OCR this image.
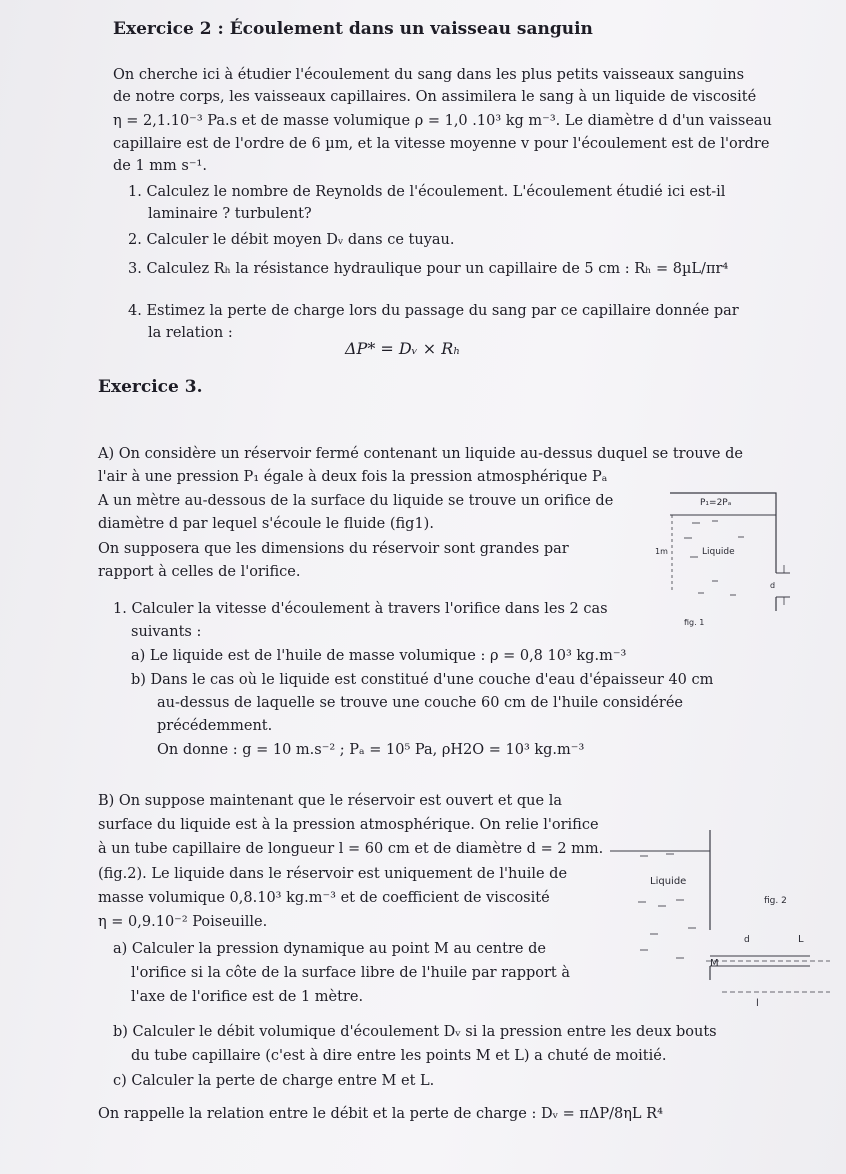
Exercice 2 : Écoulement dans un vaisseau sanguin

On cherche ici à étudier l'écoulement du sang dans les plus petits vaisseaux sanguins

de notre corps, les vaisseaux capillaires. On assimilera le sang à un liquide de viscosité

η = 2,1.10⁻³ Pa.s et de masse volumique ρ = 1,0 .10³ kg m⁻³. Le diamètre d d'un vaisseau

capillaire est de l'ordre de 6 µm, et la vitesse moyenne v pour l'écoulement est de l'ordre

de 1 mm s⁻¹.

1. Calculez le nombre de Reynolds de l'écoulement. L'écoulement étudié ici est-il

laminaire ? turbulent?

2. Calculer le débit moyen Dᵥ dans ce tuyau.

3. Calculez Rₕ la résistance hydraulique pour un capillaire de 5 cm : Rₕ = 8µL/πr⁴

4. Estimez la perte de charge lors du passage du sang par ce capillaire donnée par

la relation :

ΔP* = Dᵥ × Rₕ

Exercice 3.

A) On considère un réservoir fermé contenant un liquide au-dessus duquel se trouve de

l'air à une pression P₁ égale à deux fois la pression atmosphérique Pₐ

A un mètre au-dessous de la surface du liquide se trouve un orifice de

diamètre d par lequel s'écoule le fluide (fig1).

On supposera que les dimensions du réservoir sont grandes par

rapport à celles de l'orifice.

1. Calculer la vitesse d'écoulement à travers l'orifice dans les 2 cas

suivants :

a) Le liquide est de l'huile de masse volumique : ρ = 0,8 10³ kg.m⁻³

b) Dans le cas où le liquide est constitué d'une couche d'eau d'épaisseur 40 cm

au-dessus de laquelle se trouve une couche 60 cm de l'huile considérée

précédemment.

On donne : g = 10 m.s⁻² ; Pₐ = 10⁵ Pa, ρH2O = 10³ kg.m⁻³

B) On suppose maintenant que le réservoir est ouvert et que la

surface du liquide est à la pression atmosphérique. On relie l'orifice

à un tube capillaire de longueur l = 60 cm et de diamètre d = 2 mm.

(fig.2). Le liquide dans le réservoir est uniquement de l'huile de

masse volumique 0,8.10³ kg.m⁻³ et de coefficient de viscosité

η = 0,9.10⁻² Poiseuille.

a) Calculer la pression dynamique au point M au centre de

l'orifice si la côte de la surface libre de l'huile par rapport à

l'axe de l'orifice est de 1 mètre.

b) Calculer le débit volumique d'écoulement Dᵥ si la pression entre les deux bouts

du tube capillaire (c'est à dire entre les points M et L) a chuté de moitié.

c) Calculer la perte de charge entre M et L.

On rappelle la relation entre le débit et la perte de charge : Dᵥ = πΔP/8ηL R⁴

P₁=2Pₐ
Liquide
1m
d
fig. 1
Liquide
fig. 2
d
M
L
l
